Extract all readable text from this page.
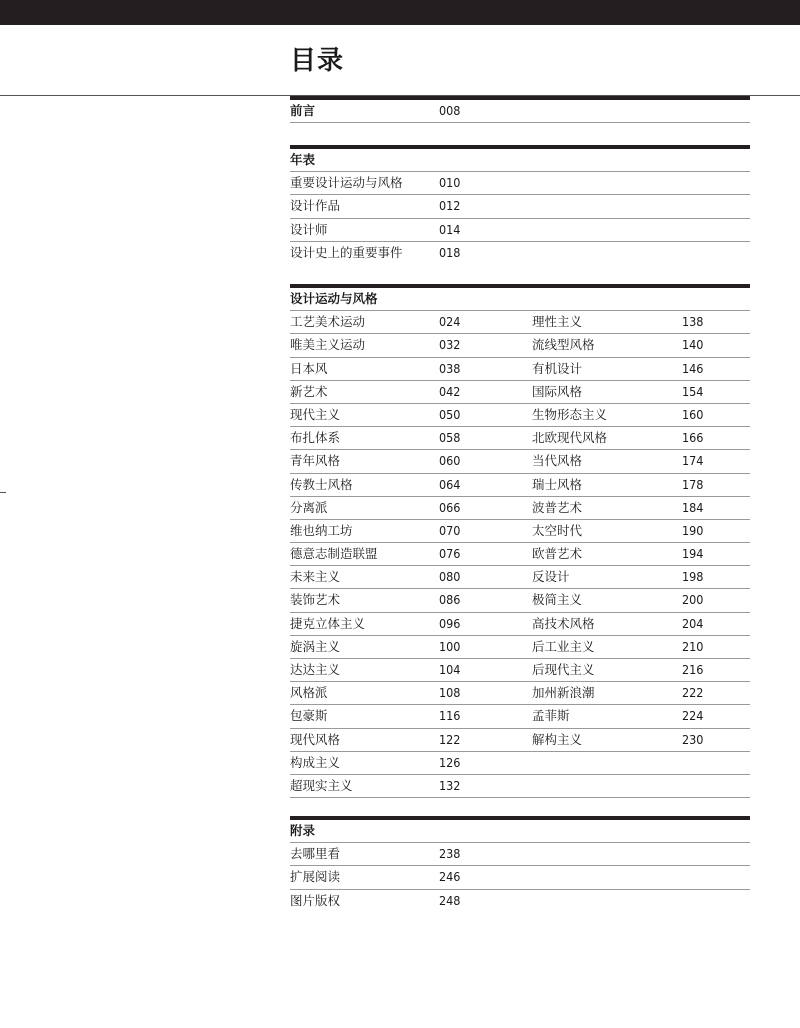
目录
前言	008
年表
重要设计运动与风格	010
设计作品	012
设计师	014
设计史上的重要事件	018
设计运动与风格
工艺美术运动	024	理性主义	138
唯美主义运动	032	流线型风格	140
日本风	038	有机设计	146
新艺术	042	国际风格	154
现代主义	050	生物形态主义	160
布扎体系	058	北欧现代风格	166
青年风格	060	当代风格	174
传教士风格	064	瑞士风格	178
分离派	066	波普艺术	184
维也纳工坊	070	太空时代	190
德意志制造联盟	076	欧普艺术	194
未来主义	080	反设计	198
装饰艺术	086	极简主义	200
捷克立体主义	096	高技术风格	204
旋涡主义	100	后工业主义	210
达达主义	104	后现代主义	216
风格派	108	加州新浪潮	222
包豪斯	116	孟菲斯	224
现代风格	122	解构主义	230
构成主义	126
超现实主义	132
附录
去哪里看	238
扩展阅读	246
图片版权	248
